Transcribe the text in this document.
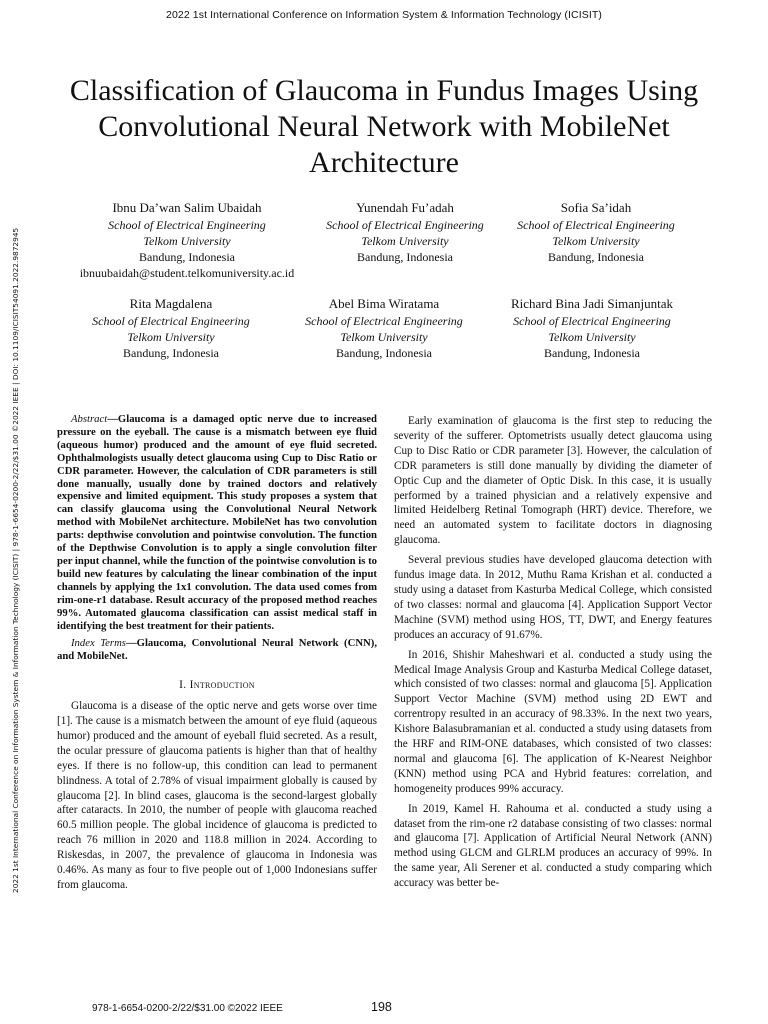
2022 1st International Conference on Information System & Information Technology (ICISIT)
2022 1st International Conference on Information System & Information Technology (ICISIT) | 978-1-6654-0200-2/22/$31.00 ©2022 IEEE | DOI: 10.1109/ICISIT54091.2022.9872945
Classification of Glaucoma in Fundus Images Using Convolutional Neural Network with MobileNet Architecture
Ibnu Da’wan Salim Ubaidah
School of Electrical Engineering
Telkom University
Bandung, Indonesia
ibnuubaidah@student.telkomuniversity.ac.id
Yunendah Fu’adah
School of Electrical Engineering
Telkom University
Bandung, Indonesia
Sofia Sa’idah
School of Electrical Engineering
Telkom University
Bandung, Indonesia
Rita Magdalena
School of Electrical Engineering
Telkom University
Bandung, Indonesia
Abel Bima Wiratama
School of Electrical Engineering
Telkom University
Bandung, Indonesia
Richard Bina Jadi Simanjuntak
School of Electrical Engineering
Telkom University
Bandung, Indonesia

Abstract—Glaucoma is a damaged optic nerve due to increased pressure on the eyeball. The cause is a mismatch between eye fluid (aqueous humor) produced and the amount of eye fluid secreted. Ophthalmologists usually detect glaucoma using Cup to Disc Ratio or CDR parameter. However, the calculation of CDR parameters is still done manually, usually done by trained doctors and relatively expensive and limited equipment. This study proposes a system that can classify glaucoma using the Convolutional Neural Network method with MobileNet architecture. MobileNet has two convolution parts: depthwise convolution and pointwise convolution. The function of the Depthwise Convolution is to apply a single convolution filter per input channel, while the function of the pointwise convolution is to build new features by calculating the linear combination of the input channels by applying the 1x1 convolution. The data used comes from rim-one-r1 database. Result accuracy of the proposed method reaches 99%. Automated glaucoma classification can assist medical staff in identifying the best treatment for their patients.

Index Terms—Glaucoma, Convolutional Neural Network (CNN), and MobileNet.

I. Introduction

Glaucoma is a disease of the optic nerve and gets worse over time [1]. The cause is a mismatch between the amount of eye fluid (aqueous humor) produced and the amount of eyeball fluid secreted. As a result, the ocular pressure of glaucoma patients is higher than that of healthy eyes. If there is no follow-up, this condition can lead to permanent blindness. A total of 2.78% of visual impairment globally is caused by glaucoma [2]. In blind cases, glaucoma is the second-largest globally after cataracts. In 2010, the number of people with glaucoma reached 60.5 million people. The global incidence of glaucoma is predicted to reach 76 million in 2020 and 118.8 million in 2024. According to Riskesdas, in 2007, the prevalence of glaucoma in Indonesia was 0.46%. As many as four to five people out of 1,000 Indonesians suffer from glaucoma.

Early examination of glaucoma is the first step to reducing the severity of the sufferer. Optometrists usually detect glaucoma using Cup to Disc Ratio or CDR parameter [3]. However, the calculation of CDR parameters is still done manually by dividing the diameter of Optic Cup and the diameter of Optic Disk. In this case, it is usually performed by a trained physician and a relatively expensive and limited Heidelberg Retinal Tomograph (HRT) device. Therefore, we need an automated system to facilitate doctors in diagnosing glaucoma.

Several previous studies have developed glaucoma detection with fundus image data. In 2012, Muthu Rama Krishan et al. conducted a study using a dataset from Kasturba Medical College, which consisted of two classes: normal and glaucoma [4]. Application Support Vector Machine (SVM) method using HOS, TT, DWT, and Energy features produces an accuracy of 91.67%.

In 2016, Shishir Maheshwari et al. conducted a study using the Medical Image Analysis Group and Kasturba Medical College dataset, which consisted of two classes: normal and glaucoma [5]. Application Support Vector Machine (SVM) method using 2D EWT and correntropy resulted in an accuracy of 98.33%. In the next two years, Kishore Balasubramanian et al. conducted a study using datasets from the HRF and RIM-ONE databases, which consisted of two classes: normal and glaucoma [6]. The application of K-Nearest Neighbor (KNN) method using PCA and Hybrid features: correlation, and homogeneity produces 99% accuracy.

In 2019, Kamel H. Rahouma et al. conducted a study using a dataset from the rim-one r2 database consisting of two classes: normal and glaucoma [7]. Application of Artificial Neural Network (ANN) method using GLCM and GLRLM produces an accuracy of 99%. In the same year, Ali Serener et al. conducted a study comparing which accuracy was better be-

978-1-6654-0200-2/22/$31.00 ©2022 IEEE	198
